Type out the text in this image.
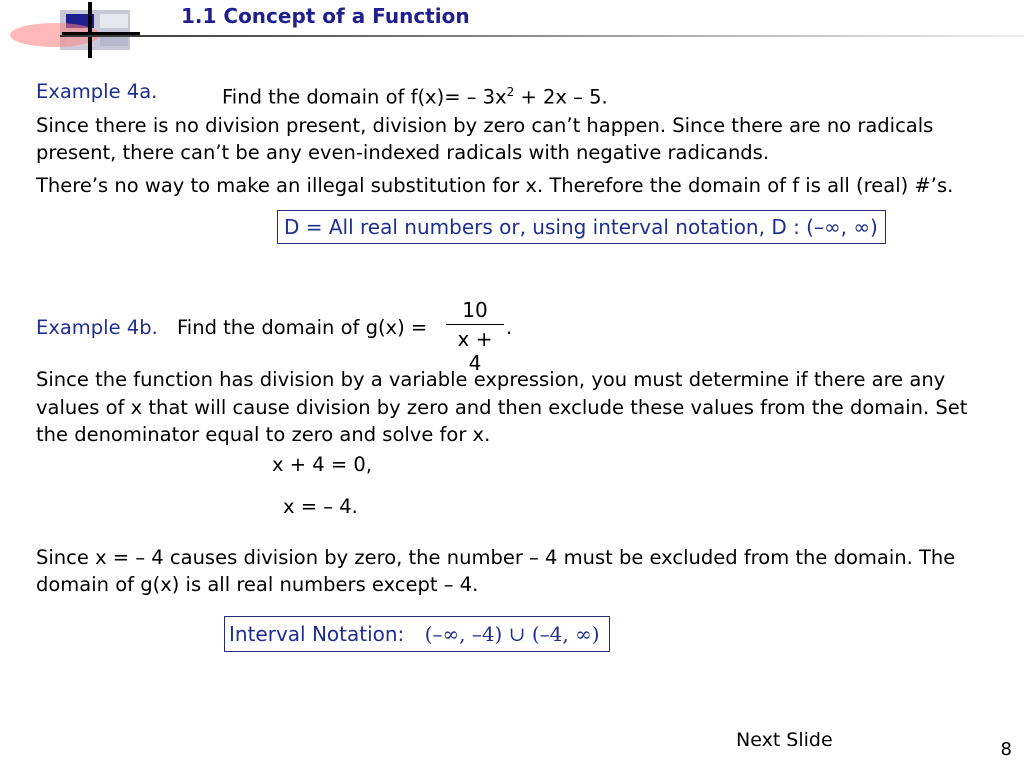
1.1 Concept of a Function
Example 4a.	Find the domain of $f(x)= - 3x^2 + 2x - 5$.
Since there is no division present, division by zero can’t happen. Since there are no radicals
present, there can’t be any even-indexed radicals with negative radicands.
There’s no way to make an illegal substitution for x. Therefore the domain of f is all (real) #’s.
D = All real numbers or, using interval notation, D : (–∞, ∞)
Example 4b. Find the domain of g(x) =
10
x + 4
.
Since the function has division by a variable expression, you must determine if there are any
values of x that will cause division by zero and then exclude these values from the domain. Set
the denominator equal to zero and solve for x.
x + 4 = 0,
x = – 4.
Since x = – 4 causes division by zero, the number – 4 must be excluded from the domain. The
domain of g(x) is all real numbers except – 4.
Interval Notation: (–∞, –4) ∪ (–4, ∞)
Next Slide	8
